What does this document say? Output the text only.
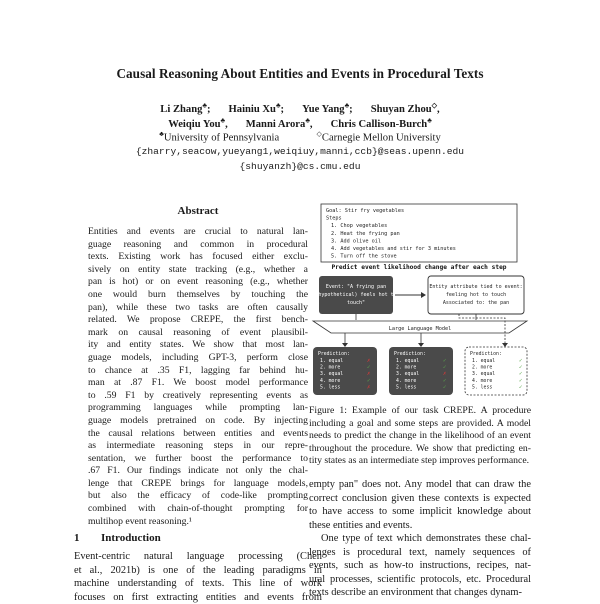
Causal Reasoning About Entities and Events in Procedural Texts
Li Zhang♣; Hainiu Xu♣; Yue Yang♣; Shuyan Zhou◇,
Weiqiu You♣, Manni Arora♣, Chris Callison-Burch♣
♣University of Pennsylvania	◇Carnegie Mellon University
{zharry,seacow,yueyang1,weiqiuy,manni,ccb}@seas.upenn.edu
{shuyanzh}@cs.cmu.edu
Abstract
Entities and events are crucial to natural lan-
guage reasoning and common in procedural
texts. Existing work has focused either exclu-
sively on entity state tracking (e.g., whether a
pan is hot) or on event reasoning (e.g., whether
one would burn themselves by touching the
pan), while these two tasks are often causally
related. We propose CREPE, the first bench-
mark on causal reasoning of event plausibil-
ity and entity states. We show that most lan-
guage models, including GPT-3, perform close
to chance at .35 F1, lagging far behind hu-
man at .87 F1. We boost model performance
to .59 F1 by creatively representing events as
programming languages while prompting lan-
guage models pretrained on code. By injecting
the causal relations between entities and events
as intermediate reasoning steps in our repre-
sentation, we further boost the performance to
.67 F1. Our findings indicate not only the chal-
lenge that CREPE brings for language models,
but also the efficacy of code-like prompting
combined with chain-of-thought prompting for
multihop event reasoning.¹
1 Introduction
Event-centric natural language processing (Chen
et al., 2021b) is one of the leading paradigms in
machine understanding of texts. This line of work
focuses on first extracting entities and events from
Goal: Stir fry vegetables
Steps
1. Chop vegetables
2. Heat the frying pan
3. Add olive oil
4. Add vegetables and stir for 3 minutes
5. Turn off the stove
Predict event likelihood change after each step
Event: "A frying pan
(hypothetical) feels hot to
touch"
Entity attribute tied to event:
feeling hot to touch
Associated to: the pan
Large Language Model
Prediction:
1. equal	✗
2. more	✓
3. equal	✗
4. more	✓
5. less	✗
Prediction:
1. equal	✓
2. more	✓
3. equal	✗
4. more	✓
5. less	✓
Prediction:
1. equal	✓
2. more	✓
3. equal	✓
4. more	✓
5. less	✓
Figure 1: Example of our task CREPE. A procedure
including a goal and some steps are provided. A model
needs to predict the change in the likelihood of an event
throughout the procedure. We show that predicting en-
tity states as an intermediate step improves performance.
empty pan" does not. Any model that can draw the
correct conclusion given these contexts is expected
to have access to some implicit knowledge about
these entities and events.
One type of text which demonstrates these chal-
lenges is procedural text, namely sequences of
events, such as how-to instructions, recipes, nat-
ural processes, scientific protocols, etc. Procedural
texts describe an environment that changes dynam-
